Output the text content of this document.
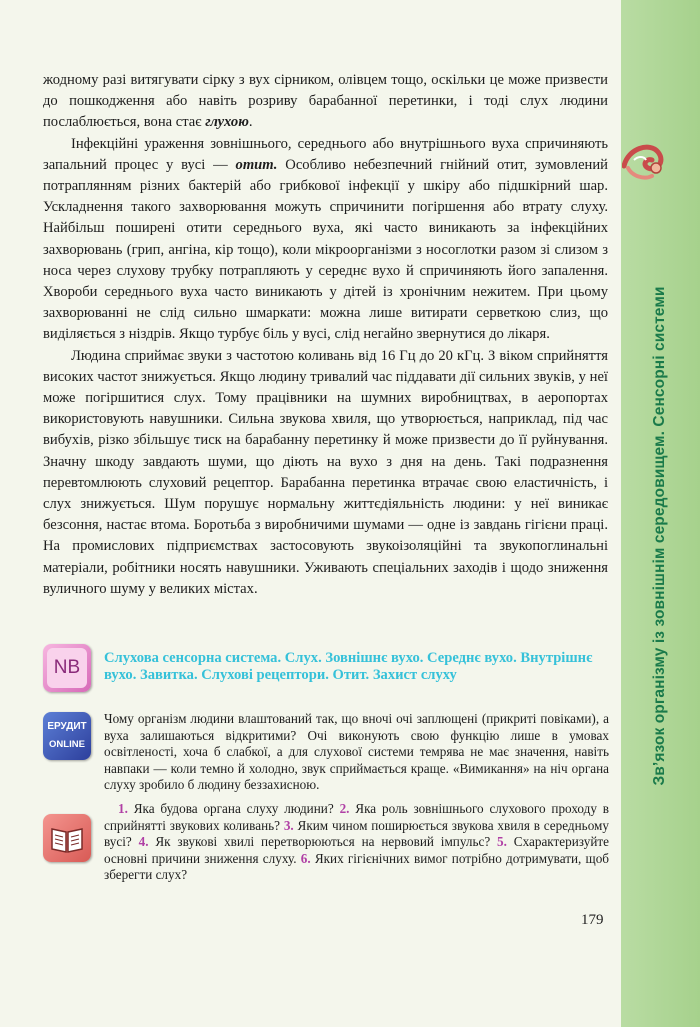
Зв’язок організму із зовнішнім середовищем. Сенсорні системи

жодному разі витягувати сірку з вух сірником, олівцем тощо, оскільки це може призвести до пошкодження або навіть розриву барабанної перетинки, і тоді слух людини послаблюється, вона стає глухою.

Інфекційні ураження зовнішнього, середнього або внутрішнього вуха спричиняють запальний процес у вусі — отит. Особливо небезпечний гнійний отит, зумовлений потраплянням різних бактерій або грибкової інфекції у шкіру або підшкірний шар. Ускладнення такого захворювання можуть спричинити погіршення або втрату слуху. Найбільш поширені отити середнього вуха, які часто виникають за інфекційних захворювань (грип, ангіна, кір тощо), коли мікроорганізми з носоглотки разом зі слизом з носа через слухову трубку потрапляють у середнє вухо й спричиняють його запалення. Хвороби середнього вуха часто виникають у дітей із хронічним нежитем. При цьому захворюванні не слід сильно шмаркати: можна лише витирати серветкою слиз, що виділяється з ніздрів. Якщо турбує біль у вусі, слід негайно звернутися до лікаря.

Людина сприймає звуки з частотою коливань від 16 Гц до 20 кГц. З віком сприйняття високих частот знижується. Якщо людину тривалий час піддавати дії сильних звуків, у неї може погіршитися слух. Тому працівники на шумних виробництвах, в аеропортах використовують навушники. Сильна звукова хвиля, що утворюється, наприклад, під час вибухів, різко збільшує тиск на барабанну перетинку й може призвести до її руйнування. Значну шкоду завдають шуми, що діють на вухо з дня на день. Такі подразнення перевтомлюють слуховий рецептор. Барабанна перетинка втрачає свою еластичність, і слух знижується. Шум порушує нормальну життєдіяльність людини: у неї виникає безсоння, настає втома. Боротьба з виробничими шумами — одне із завдань гігієни праці. На промислових підприємствах застосовують звукоізоляційні та звукопоглинальні матеріали, робітники носять навушники. Уживають спеціальних заходів і щодо зниження вуличного шуму у великих містах.

NB	Слухова сенсорна система. Слух. Зовнішнє вухо. Середнє вухо. Внутрішнє вухо. Завитка. Слухові рецептори. Отит. Захист слуху
ЕРУДИТ
ONLINE
Чому організм людини влаштований так, що вночі очі заплющені (прикриті повіками), а вуха залишаються відкритими? Очі виконують свою функцію лише в умовах освітленості, хоча б слабкої, а для слухової системи темрява не має значення, навіть навпаки — коли темно й холодно, звук сприймається краще. «Вимикання» на ніч органа слуху зробило б людину беззахисною.
1. Яка будова органа слуху людини? 2. Яка роль зовнішнього слухового проходу в сприйнятті звукових коливань? 3. Яким чином поширюється звукова хвиля в середньому вусі? 4. Як звукові хвилі перетворюються на нервовий імпульс? 5. Схарактеризуйте основні причини зниження слуху. 6. Яких гігієнічних вимог потрібно дотримувати, щоб зберегти слух?
179
